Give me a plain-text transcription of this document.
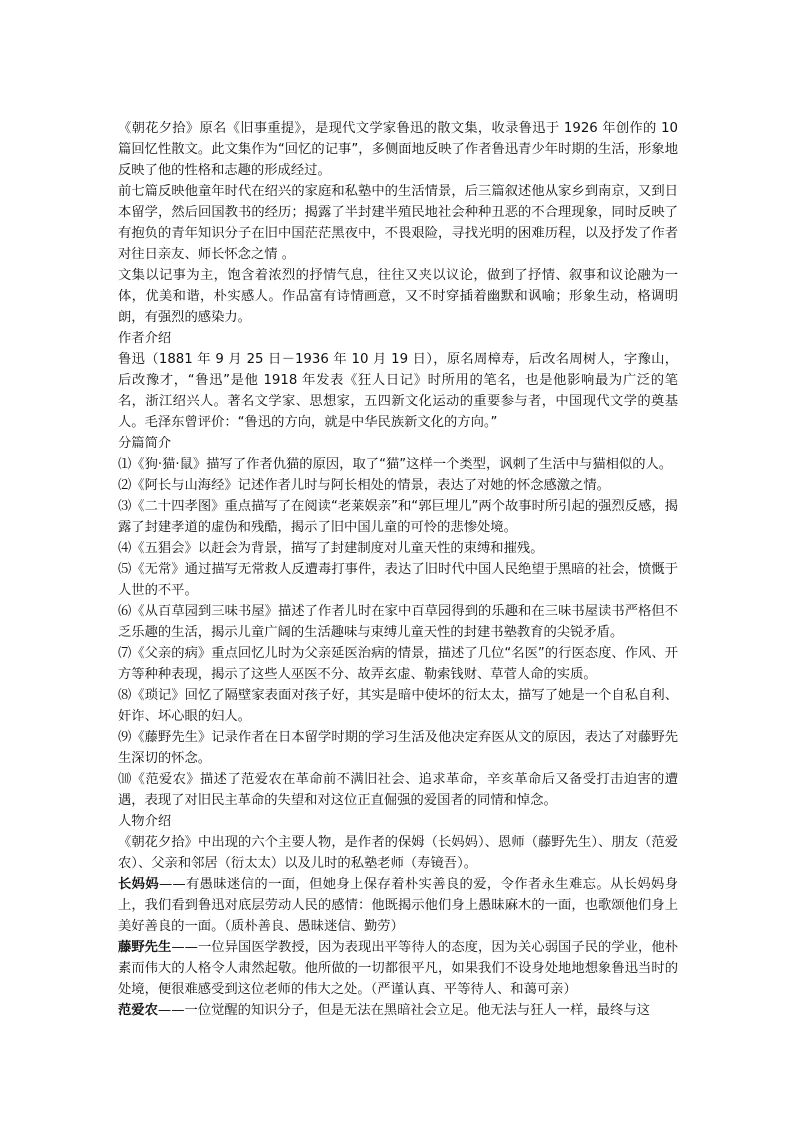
《朝花夕拾》原名《旧事重提》，是现代文学家鲁迅的散文集，收录鲁迅于 1926 年创作的 10 篇回忆性散文。此文集作为“回忆的记事”，多侧面地反映了作者鲁迅青少年时期的生活，形象地反映了他的性格和志趣的形成经过。

前七篇反映他童年时代在绍兴的家庭和私塾中的生活情景，后三篇叙述他从家乡到南京，又到日本留学，然后回国教书的经历；揭露了半封建半殖民地社会种种丑恶的不合理现象，同时反映了有抱负的青年知识分子在旧中国茫茫黑夜中，不畏艰险，寻找光明的困难历程，以及抒发了作者对往日亲友、师长怀念之情 。

文集以记事为主，饱含着浓烈的抒情气息，往往又夹以议论，做到了抒情、叙事和议论融为一体，优美和谐，朴实感人。作品富有诗情画意，又不时穿插着幽默和讽喻；形象生动，格调明朗，有强烈的感染力。

作者介绍

鲁迅（1881 年 9 月 25 日－1936 年 10 月 19 日），原名周樟寿，后改名周树人，字豫山，后改豫才，“鲁迅”是他 1918 年发表《狂人日记》时所用的笔名，也是他影响最为广泛的笔名，浙江绍兴人。著名文学家、思想家，五四新文化运动的重要参与者，中国现代文学的奠基人。毛泽东曾评价：“鲁迅的方向，就是中华民族新文化的方向。”

分篇简介

⑴《狗·猫·鼠》描写了作者仇猫的原因，取了“猫”这样一个类型，讽刺了生活中与猫相似的人。

⑵《阿长与山海经》记述作者儿时与阿长相处的情景，表达了对她的怀念感激之情。

⑶《二十四孝图》重点描写了在阅读“老莱娱亲”和“郭巨埋儿”两个故事时所引起的强烈反感，揭露了封建孝道的虚伪和残酷，揭示了旧中国儿童的可怜的悲惨处境。

⑷《五猖会》以赶会为背景，描写了封建制度对儿童天性的束缚和摧残。

⑸《无常》通过描写无常救人反遭毒打事件，表达了旧时代中国人民绝望于黑暗的社会，愤慨于人世的不平。

⑹《从百草园到三味书屋》描述了作者儿时在家中百草园得到的乐趣和在三味书屋读书严格但不乏乐趣的生活，揭示儿童广阔的生活趣味与束缚儿童天性的封建书塾教育的尖锐矛盾。

⑺《父亲的病》重点回忆儿时为父亲延医治病的情景，描述了几位“名医”的行医态度、作风、开方等种种表现，揭示了这些人巫医不分、故弄玄虚、勒索钱财、草菅人命的实质。

⑻《琐记》回忆了隔壁家表面对孩子好，其实是暗中使坏的衍太太，描写了她是一个自私自利、奸诈、坏心眼的妇人。

⑼《藤野先生》记录作者在日本留学时期的学习生活及他决定弃医从文的原因，表达了对藤野先生深切的怀念。

⑽《范爱农》描述了范爱农在革命前不满旧社会、追求革命，辛亥革命后又备受打击迫害的遭遇，表现了对旧民主革命的失望和对这位正直倔强的爱国者的同情和悼念。

人物介绍

《朝花夕拾》中出现的六个主要人物，是作者的保姆（长妈妈）、恩师（藤野先生）、朋友（范爱农）、父亲和邻居（衍太太）以及儿时的私塾老师（寿镜吾）。

长妈妈——有愚昧迷信的一面，但她身上保存着朴实善良的爱，令作者永生难忘。从长妈妈身上，我们看到鲁迅对底层劳动人民的感情：他既揭示他们身上愚昧麻木的一面，也歌颂他们身上美好善良的一面。（质朴善良、愚昧迷信、勤劳）

藤野先生——一位异国医学教授，因为表现出平等待人的态度，因为关心弱国子民的学业，他朴素而伟大的人格令人肃然起敬。他所做的一切都很平凡，如果我们不设身处地地想象鲁迅当时的处境，便很难感受到这位老师的伟大之处。（严谨认真、平等待人、和蔼可亲）

范爱农——一位觉醒的知识分子，但是无法在黑暗社会立足。他无法与狂人一样，最终与这
